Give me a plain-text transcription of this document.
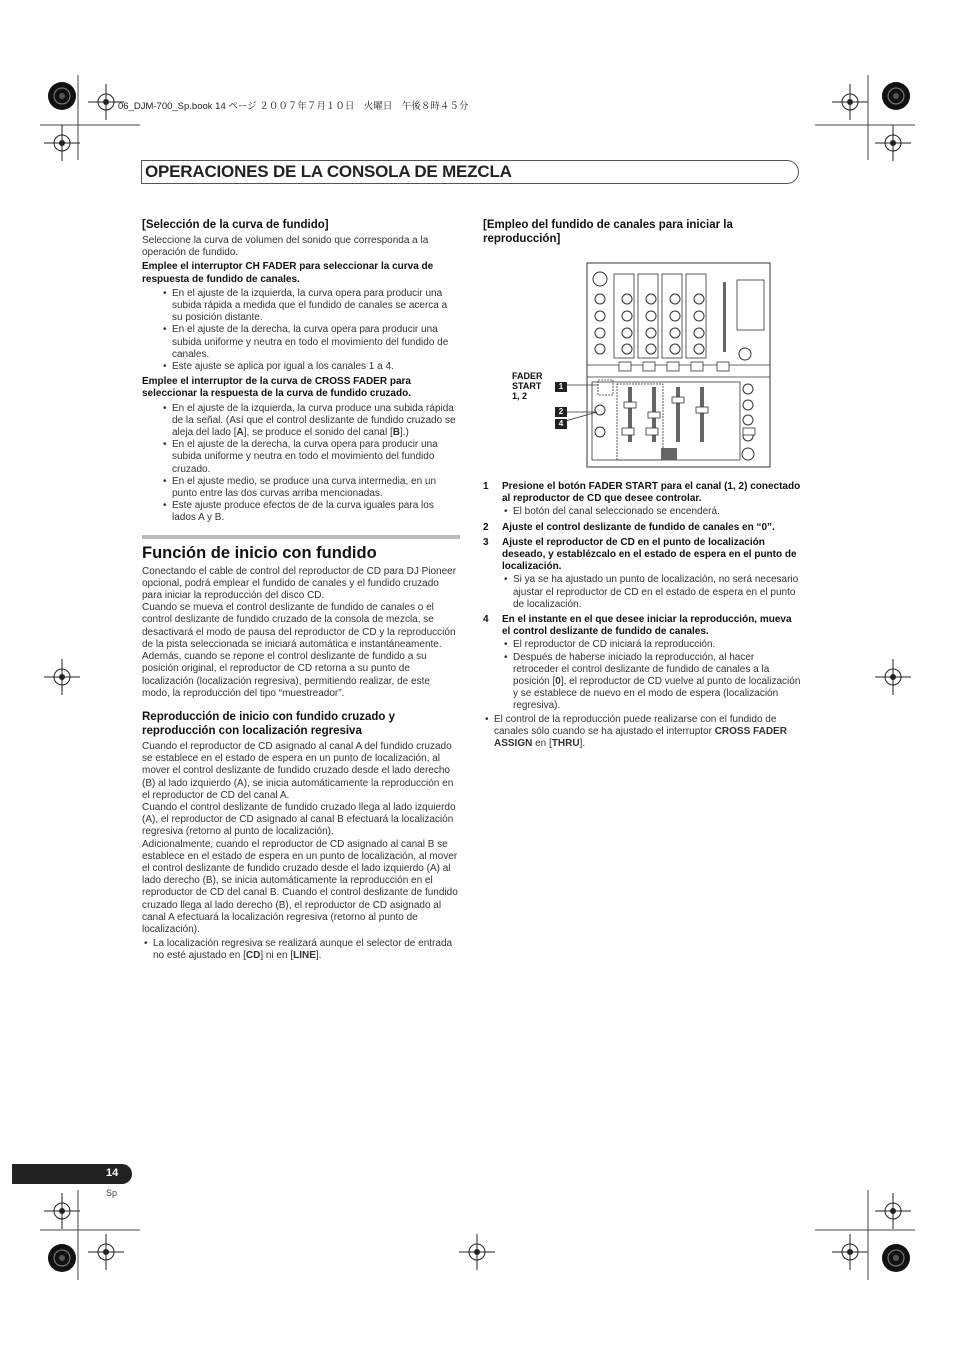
06_DJM-700_Sp.book 14 ページ ２００７年７月１０日　火曜日　午後８時４５分
OPERACIONES DE LA CONSOLA DE MEZCLA
[Selección de la curva de fundido]

Seleccione la curva de volumen del sonido que corresponda a la operación de fundido.

Emplee el interruptor CH FADER para seleccionar la curva de respuesta de fundido de canales.

• En el ajuste de la izquierda, la curva opera para producir una subida rápida a medida que el fundido de canales se acerca a su posición distante.
• En el ajuste de la derecha, la curva opera para producir una subida uniforme y neutra en todo el movimiento del fundido de canales.
• Este ajuste se aplica por igual a los canales 1 a 4.

Emplee el interruptor de la curva de CROSS FADER para seleccionar la respuesta de la curva de fundido cruzado.

• En el ajuste de la izquierda, la curva produce una subida rápida de la señal. (Así que el control deslizante de fundido cruzado se aleja del lado [A], se produce el sonido del canal [B].)
• En el ajuste de la derecha, la curva opera para producir una subida uniforme y neutra en todo el movimiento del fundido cruzado.
• En el ajuste medio, se produce una curva intermedia, en un punto entre las dos curvas arriba mencionadas.
• Este ajuste produce efectos de de la curva iguales para los lados A y B.
Función de inicio con fundido

Conectando el cable de control del reproductor de CD para DJ Pioneer opcional, podrá emplear el fundido de canales y el fundido cruzado para iniciar la reproducción del disco CD.

Cuando se mueva el control deslizante de fundido de canales o el control deslizante de fundido cruzado de la consola de mezcla, se desactivará el modo de pausa del reproductor de CD y la reproducción de la pista seleccionada se iniciará automática e instantáneamente. Además, cuando se repone el control deslizante de fundido a su posición original, el reproductor de CD retorna a su punto de localización (localización regresiva), permitiendo realizar, de este modo, la reproducción del tipo “muestreador”.

Reproducción de inicio con fundido cruzado y reproducción con localización regresiva

Cuando el reproductor de CD asignado al canal A del fundido cruzado se establece en el estado de espera en un punto de localización, al mover el control deslizante de fundido cruzado desde el lado derecho (B) al lado izquierdo (A), se inicia automáticamente la reproducción en el reproductor de CD del canal A.

Cuando el control deslizante de fundido cruzado llega al lado izquierdo (A), el reproductor de CD asignado al canal B efectuará la localización regresiva (retorno al punto de localización).

Adicionalmente, cuando el reproductor de CD asignado al canal B se establece en el estado de espera en un punto de localización, al mover el control deslizante de fundido cruzado desde el lado izquierdo (A) al lado derecho (B), se inicia automáticamente la reproducción en el reproductor de CD del canal B. Cuando el control deslizante de fundido cruzado llega al lado derecho (B), el reproductor de CD asignado al canal A efectuará la localización regresiva (retorno al punto de localización).

• La localización regresiva se realizará aunque el selector de entrada no esté ajustado en [CD] ni en [LINE].
[Empleo del fundido de canales para iniciar la reproducción]
FADER
START
1, 2
1
2
4
1 Presione el botón FADER START para el canal (1, 2) conectado al reproductor de CD que desee controlar.
• El botón del canal seleccionado se encenderá.
2 Ajuste el control deslizante de fundido de canales en “0”.
3 Ajuste el reproductor de CD en el punto de localización deseado, y establézcalo en el estado de espera en el punto de localización.
• Si ya se ha ajustado un punto de localización, no será necesario ajustar el reproductor de CD en el estado de espera en el punto de localización.
4 En el instante en el que desee iniciar la reproducción, mueva el control deslizante de fundido de canales.
• El reproductor de CD iniciará la reproducción.
• Después de haberse iniciado la reproducción, al hacer retroceder el control deslizante de fundido de canales a la posición [0], el reproductor de CD vuelve al punto de localización y se establece de nuevo en el modo de espera (localización regresiva).
• El control de la reproducción puede realizarse con el fundido de canales sólo cuando se ha ajustado el interruptor CROSS FADER ASSIGN en [THRU].
14
Sp
